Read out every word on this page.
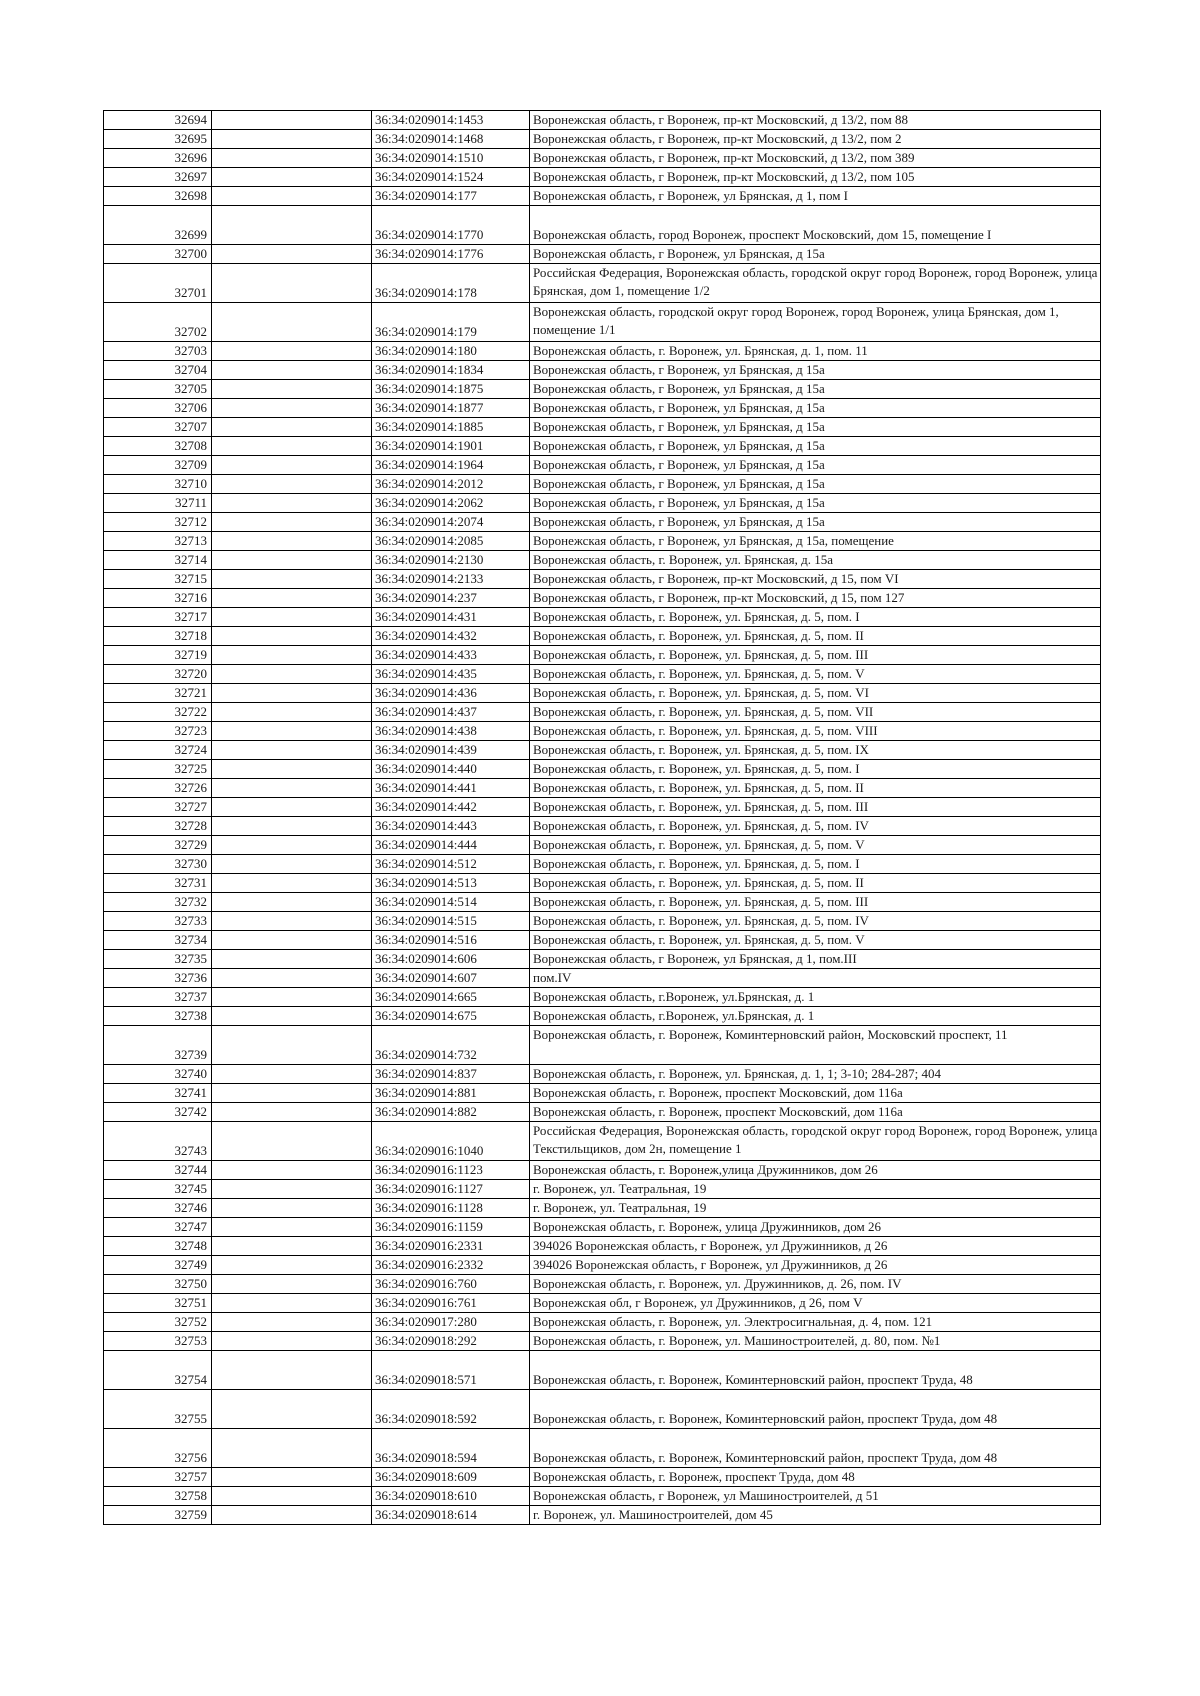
32694		36:34:0209014:1453	Воронежская область, г Воронеж, пр-кт Московский, д 13/2, пом 88
32695		36:34:0209014:1468	Воронежская область, г Воронеж, пр-кт Московский, д 13/2, пом 2
32696		36:34:0209014:1510	Воронежская область, г Воронеж, пр-кт Московский, д 13/2, пом 389
32697		36:34:0209014:1524	Воронежская область, г Воронеж, пр-кт Московский, д 13/2, пом 105
32698		36:34:0209014:177	Воронежская область, г Воронеж, ул Брянская, д 1, пом I
32699		36:34:0209014:1770	Воронежская область, город Воронеж, проспект Московский, дом 15, помещение I
32700		36:34:0209014:1776	Воронежская область, г Воронеж, ул Брянская, д 15а
32701		36:34:0209014:178	Российская Федерация, Воронежская область, городской округ город Воронеж, город Воронеж, улица Брянская, дом 1, помещение 1/2
32702		36:34:0209014:179	Воронежская область, городской округ город Воронеж, город Воронеж, улица Брянская, дом 1, помещение 1/1
32703		36:34:0209014:180	Воронежская область, г. Воронеж, ул. Брянская, д. 1, пом. 11
32704		36:34:0209014:1834	Воронежская область, г Воронеж, ул Брянская, д 15а
32705		36:34:0209014:1875	Воронежская область, г Воронеж, ул Брянская, д 15а
32706		36:34:0209014:1877	Воронежская область, г Воронеж, ул Брянская, д 15а
32707		36:34:0209014:1885	Воронежская область, г Воронеж, ул Брянская, д 15а
32708		36:34:0209014:1901	Воронежская область, г Воронеж, ул Брянская, д 15а
32709		36:34:0209014:1964	Воронежская область, г Воронеж, ул Брянская, д 15а
32710		36:34:0209014:2012	Воронежская область, г Воронеж, ул Брянская, д 15а
32711		36:34:0209014:2062	Воронежская область, г Воронеж, ул Брянская, д 15а
32712		36:34:0209014:2074	Воронежская область, г Воронеж, ул Брянская, д 15а
32713		36:34:0209014:2085	Воронежская область, г Воронеж, ул Брянская, д 15а, помещение
32714		36:34:0209014:2130	Воронежская область, г. Воронеж, ул. Брянская, д. 15а
32715		36:34:0209014:2133	Воронежская область, г Воронеж, пр-кт Московский, д 15, пом VI
32716		36:34:0209014:237	Воронежская область, г Воронеж, пр-кт Московский, д 15, пом 127
32717		36:34:0209014:431	Воронежская область, г. Воронеж, ул. Брянская, д. 5, пом. I
32718		36:34:0209014:432	Воронежская область, г. Воронеж, ул. Брянская, д. 5, пом. II
32719		36:34:0209014:433	Воронежская область, г. Воронеж, ул. Брянская, д. 5, пом. III
32720		36:34:0209014:435	Воронежская область, г. Воронеж, ул. Брянская, д. 5, пом. V
32721		36:34:0209014:436	Воронежская область, г. Воронеж, ул. Брянская, д. 5, пом. VI
32722		36:34:0209014:437	Воронежская область, г. Воронеж, ул. Брянская, д. 5, пом. VII
32723		36:34:0209014:438	Воронежская область, г. Воронеж, ул. Брянская, д. 5, пом. VIII
32724		36:34:0209014:439	Воронежская область, г. Воронеж, ул. Брянская, д. 5, пом. IX
32725		36:34:0209014:440	Воронежская область, г. Воронеж, ул. Брянская, д. 5, пом. I
32726		36:34:0209014:441	Воронежская область, г. Воронеж, ул. Брянская, д. 5, пом. II
32727		36:34:0209014:442	Воронежская область, г. Воронеж, ул. Брянская, д. 5, пом. III
32728		36:34:0209014:443	Воронежская область, г. Воронеж, ул. Брянская, д. 5, пом. IV
32729		36:34:0209014:444	Воронежская область, г. Воронеж, ул. Брянская, д. 5, пом. V
32730		36:34:0209014:512	Воронежская область, г. Воронеж, ул. Брянская, д. 5, пом. I
32731		36:34:0209014:513	Воронежская область, г. Воронеж, ул. Брянская, д. 5, пом. II
32732		36:34:0209014:514	Воронежская область, г. Воронеж, ул. Брянская, д. 5, пом. III
32733		36:34:0209014:515	Воронежская область, г. Воронеж, ул. Брянская, д. 5, пом. IV
32734		36:34:0209014:516	Воронежская область, г. Воронеж, ул. Брянская, д. 5, пом. V
32735		36:34:0209014:606	Воронежская область, г Воронеж, ул Брянская, д 1, пом.III
32736		36:34:0209014:607	пом.IV
32737		36:34:0209014:665	Воронежская область, г.Воронеж, ул.Брянская, д. 1
32738		36:34:0209014:675	Воронежская область, г.Воронеж, ул.Брянская, д. 1
32739		36:34:0209014:732	Воронежская область, г. Воронеж, Коминтерновский район, Московский проспект, 11
32740		36:34:0209014:837	Воронежская область, г. Воронеж, ул. Брянская, д. 1, 1; 3-10; 284-287; 404
32741		36:34:0209014:881	Воронежская область, г. Воронеж, проспект Московский, дом 116а
32742		36:34:0209014:882	Воронежская область, г. Воронеж, проспект Московский, дом 116а
32743		36:34:0209016:1040	Российская Федерация, Воронежская область, городской округ город Воронеж, город Воронеж, улица Текстильщиков, дом 2н, помещение 1
32744		36:34:0209016:1123	Воронежская область, г. Воронеж,улица Дружинников, дом 26
32745		36:34:0209016:1127	г. Воронеж, ул. Театральная, 19
32746		36:34:0209016:1128	г. Воронеж, ул. Театральная, 19
32747		36:34:0209016:1159	Воронежская область, г. Воронеж, улица Дружинников, дом 26
32748		36:34:0209016:2331	394026 Воронежская область, г Воронеж, ул Дружинников, д 26
32749		36:34:0209016:2332	394026 Воронежская область, г Воронеж, ул Дружинников, д 26
32750		36:34:0209016:760	Воронежская область, г. Воронеж, ул. Дружинников, д. 26, пом. IV
32751		36:34:0209016:761	Воронежская обл, г Воронеж, ул Дружинников, д 26, пом V
32752		36:34:0209017:280	Воронежская область, г. Воронеж, ул. Электросигнальная, д. 4, пом. 121
32753		36:34:0209018:292	Воронежская область, г. Воронеж, ул. Машиностроителей, д. 80, пом. №1
32754		36:34:0209018:571	Воронежская область, г. Воронеж, Коминтерновский район, проспект Труда, 48
32755		36:34:0209018:592	Воронежская область, г. Воронеж, Коминтерновский район, проспект Труда, дом 48
32756		36:34:0209018:594	Воронежская область, г. Воронеж, Коминтерновский район, проспект Труда, дом 48
32757		36:34:0209018:609	Воронежская область, г. Воронеж, проспект Труда, дом 48
32758		36:34:0209018:610	Воронежская область, г Воронеж, ул Машиностроителей, д 51
32759		36:34:0209018:614	г. Воронеж, ул. Машиностроителей, дом 45
